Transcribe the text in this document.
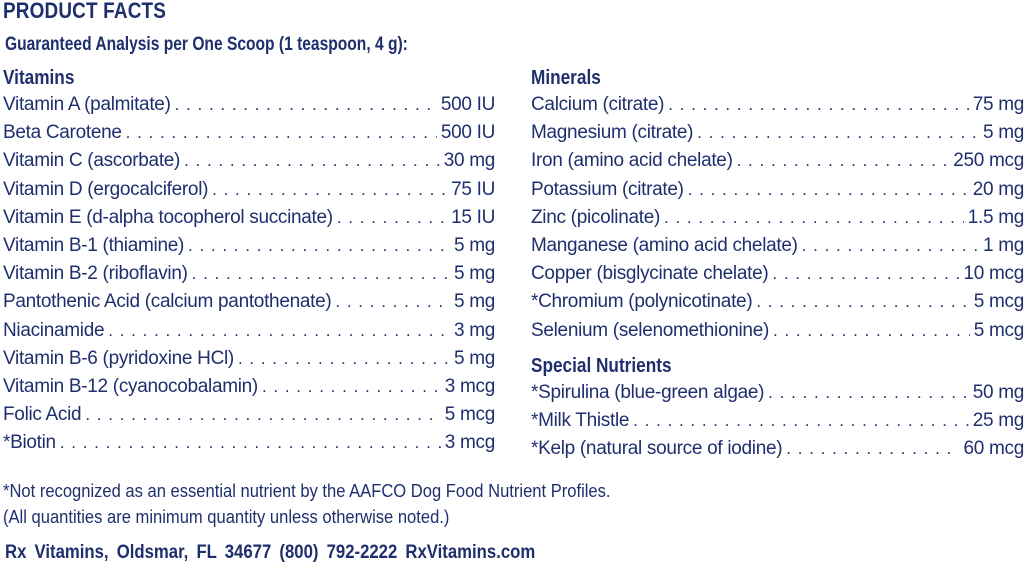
PRODUCT FACTS
Guaranteed Analysis per One Scoop (1 teaspoon, 4 g):
Vitamins
Vitamin A (palmitate) . . .	500 IU
Beta Carotene . . .	500 IU
Vitamin C (ascorbate) . . .	30 mg
Vitamin D (ergocalciferol) . . .	75 IU
Vitamin E (d-alpha tocopherol succinate) . . .	15 IU
Vitamin B-1 (thiamine) . . .	5 mg
Vitamin B-2 (riboflavin) . . .	5 mg
Pantothenic Acid (calcium pantothenate) . . .	5 mg
Niacinamide . . .	3 mg
Vitamin B-6 (pyridoxine HCl) . . .	5 mg
Vitamin B-12 (cyanocobalamin) . . .	3 mcg
Folic Acid . . .	5 mcg
*Biotin . . .	3 mcg
Minerals
Calcium (citrate) . . .	75 mg
Magnesium (citrate) . . .	5 mg
Iron (amino acid chelate) . . .	250 mcg
Potassium (citrate) . . .	20 mg
Zinc (picolinate) . . .	1.5 mg
Manganese (amino acid chelate) . . .	1 mg
Copper (bisglycinate chelate) . . .	10 mcg
*Chromium (polynicotinate) . . .	5 mcg
Selenium (selenomethionine) . . .	5 mcg
Special Nutrients
*Spirulina (blue-green algae) . . .	50 mg
*Milk Thistle . . .	25 mg
*Kelp (natural source of iodine) . . .	60 mcg
*Not recognized as an essential nutrient by the AAFCO Dog Food Nutrient Profiles.
(All quantities are minimum quantity unless otherwise noted.)
Rx Vitamins, Oldsmar, FL 34677 (800) 792-2222 RxVitamins.com
